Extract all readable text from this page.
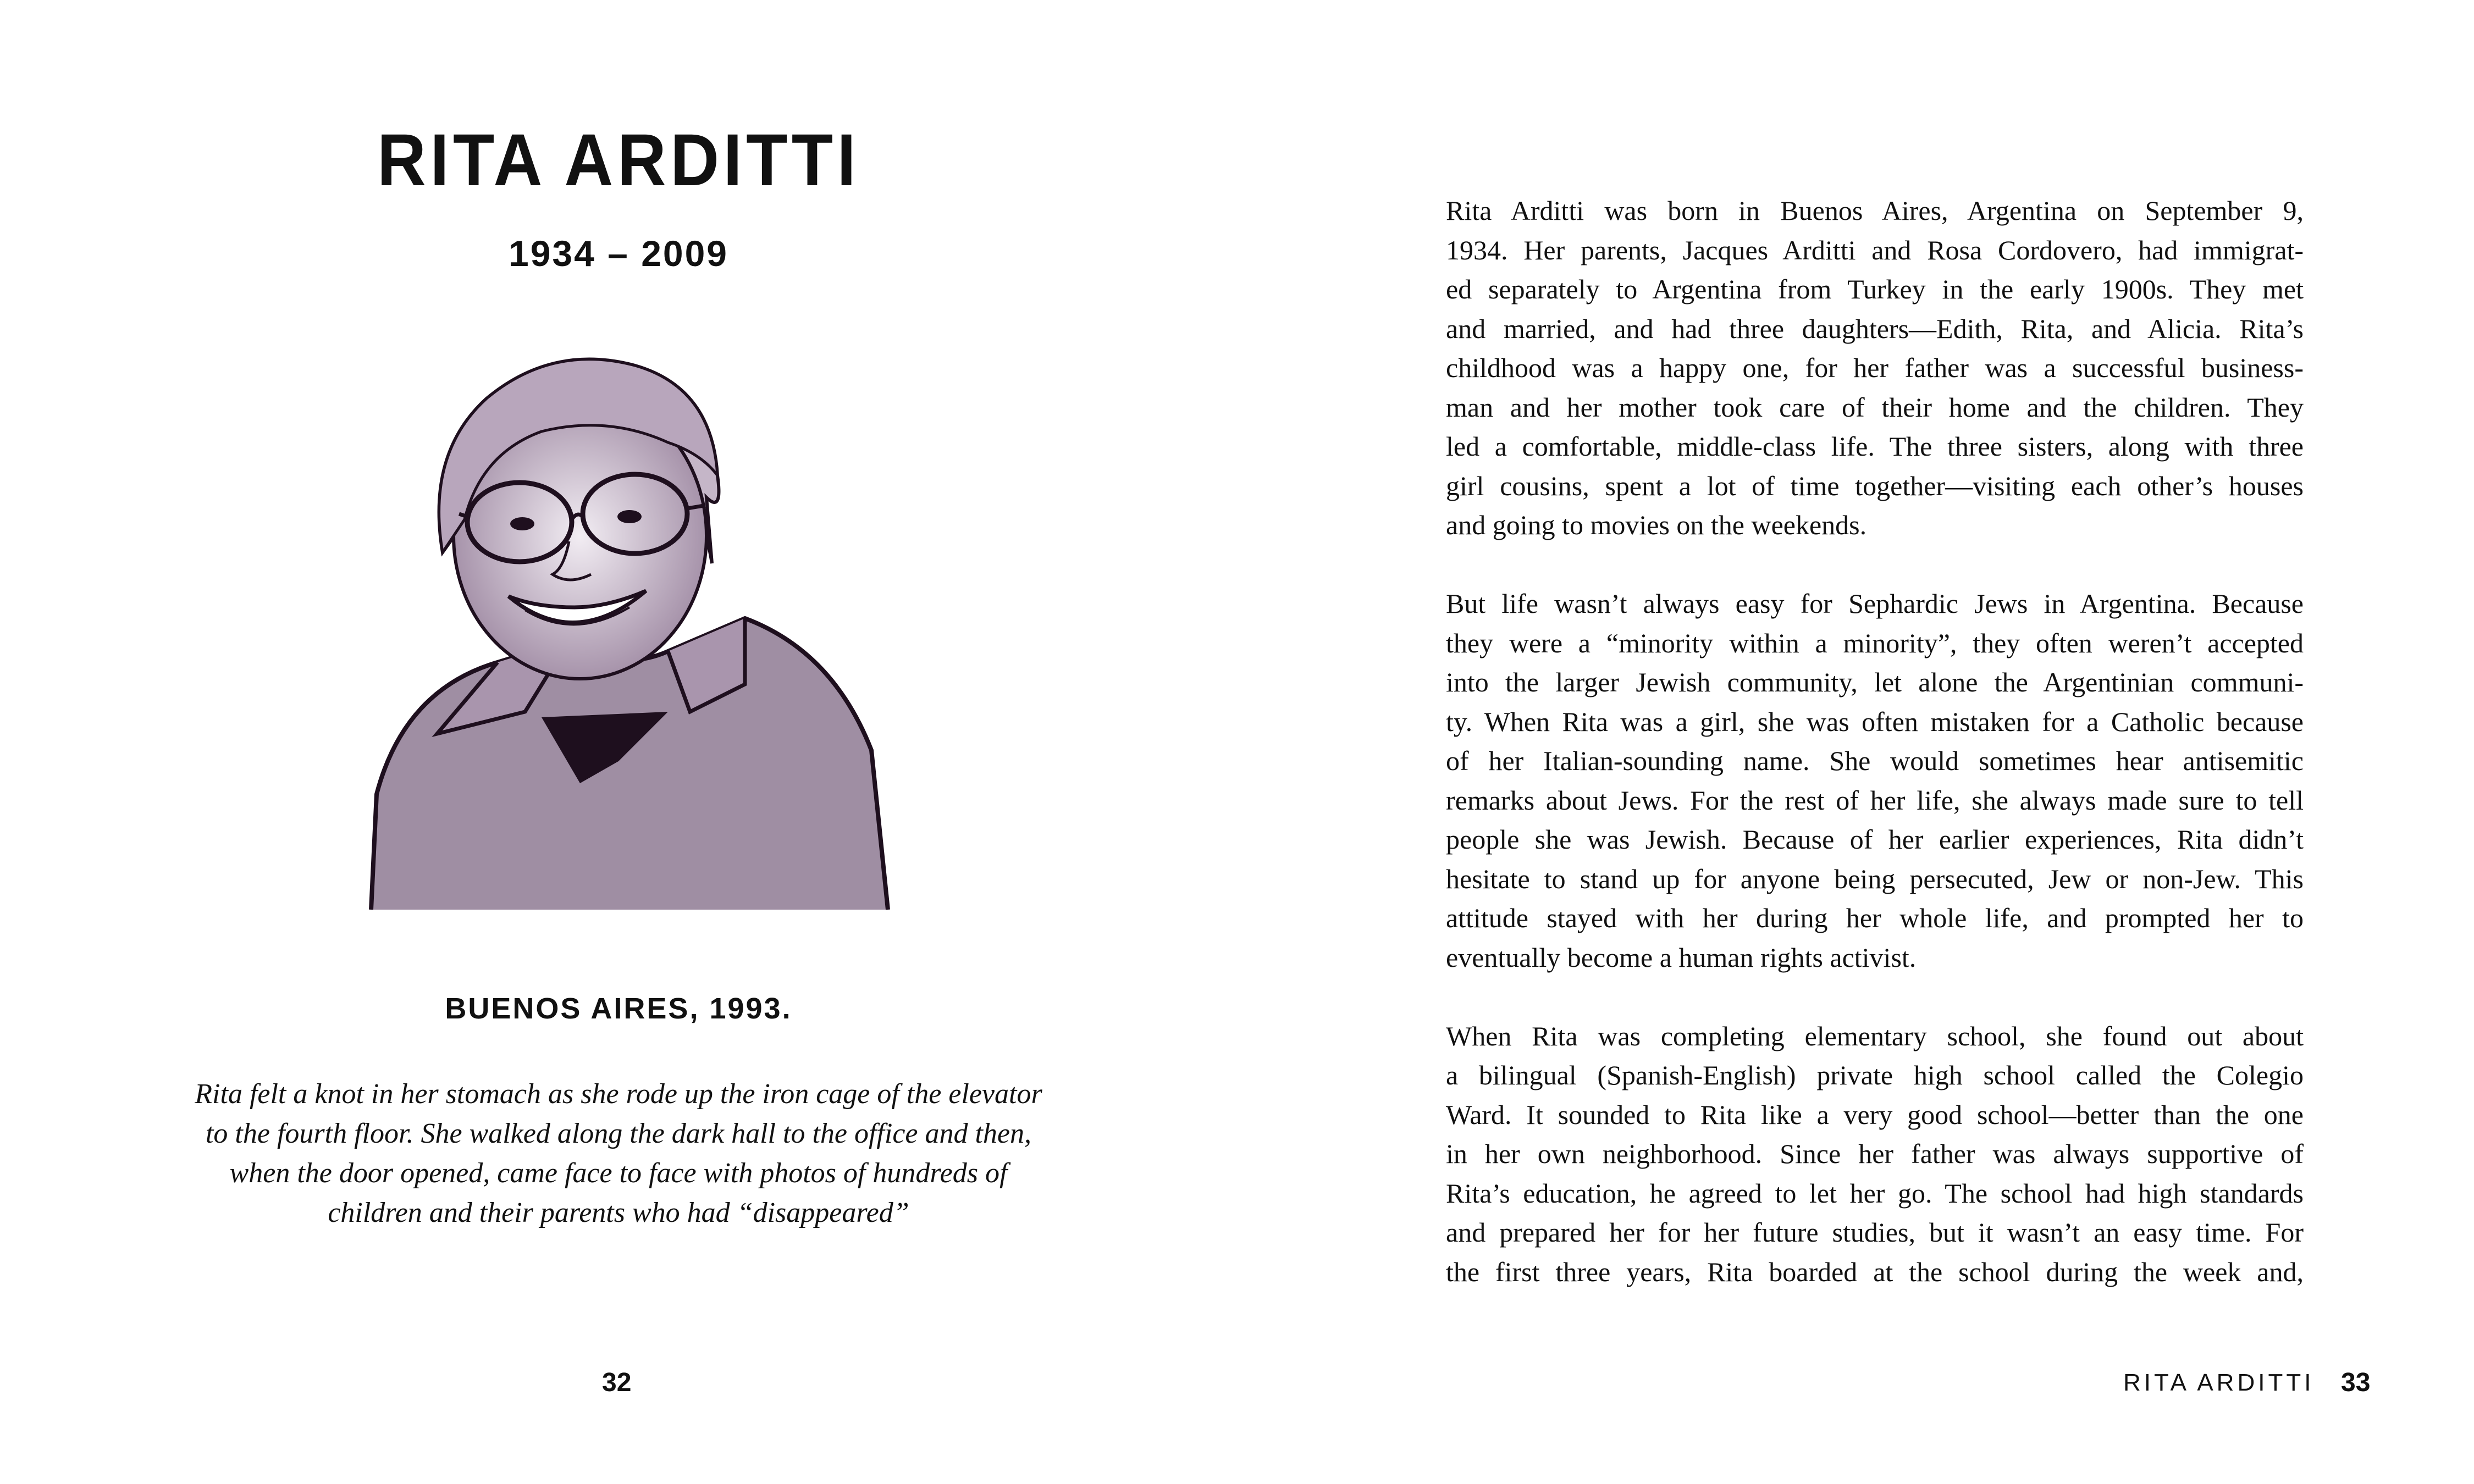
RITA ARDITTI
1934 – 2009
BUENOS AIRES, 1993.
Rita felt a knot in her stomach as she rode up the iron cage of the elevator
to the fourth floor. She walked along the dark hall to the office and then,
when the door opened, came face to face with photos of hundreds of
children and their parents who had “disappeared”
32
Rita Arditti was born in Buenos Aires, Argentina on September 9,
1934. Her parents, Jacques Arditti and Rosa Cordovero, had immigrat-
ed separately to Argentina from Turkey in the early 1900s. They met
and married, and had three daughters—Edith, Rita, and Alicia. Rita’s
childhood was a happy one, for her father was a successful business-
man and her mother took care of their home and the children. They
led a comfortable, middle-class life. The three sisters, along with three
girl cousins, spent a lot of time together—visiting each other’s houses
and going to movies on the weekends.
But life wasn’t always easy for Sephardic Jews in Argentina. Because
they were a “minority within a minority”, they often weren’t accepted
into the larger Jewish community, let alone the Argentinian communi-
ty. When Rita was a girl, she was often mistaken for a Catholic because
of her Italian-sounding name. She would sometimes hear antisemitic
remarks about Jews. For the rest of her life, she always made sure to tell
people she was Jewish. Because of her earlier experiences, Rita didn’t
hesitate to stand up for anyone being persecuted, Jew or non-Jew. This
attitude stayed with her during her whole life, and prompted her to
eventually become a human rights activist.
When Rita was completing elementary school, she found out about
a bilingual (Spanish-English) private high school called the Colegio
Ward. It sounded to Rita like a very good school—better than the one
in her own neighborhood. Since her father was always supportive of
Rita’s education, he agreed to let her go. The school had high standards
and prepared her for her future studies, but it wasn’t an easy time. For
the first three years, Rita boarded at the school during the week and,
RITA ARDITTI 33
